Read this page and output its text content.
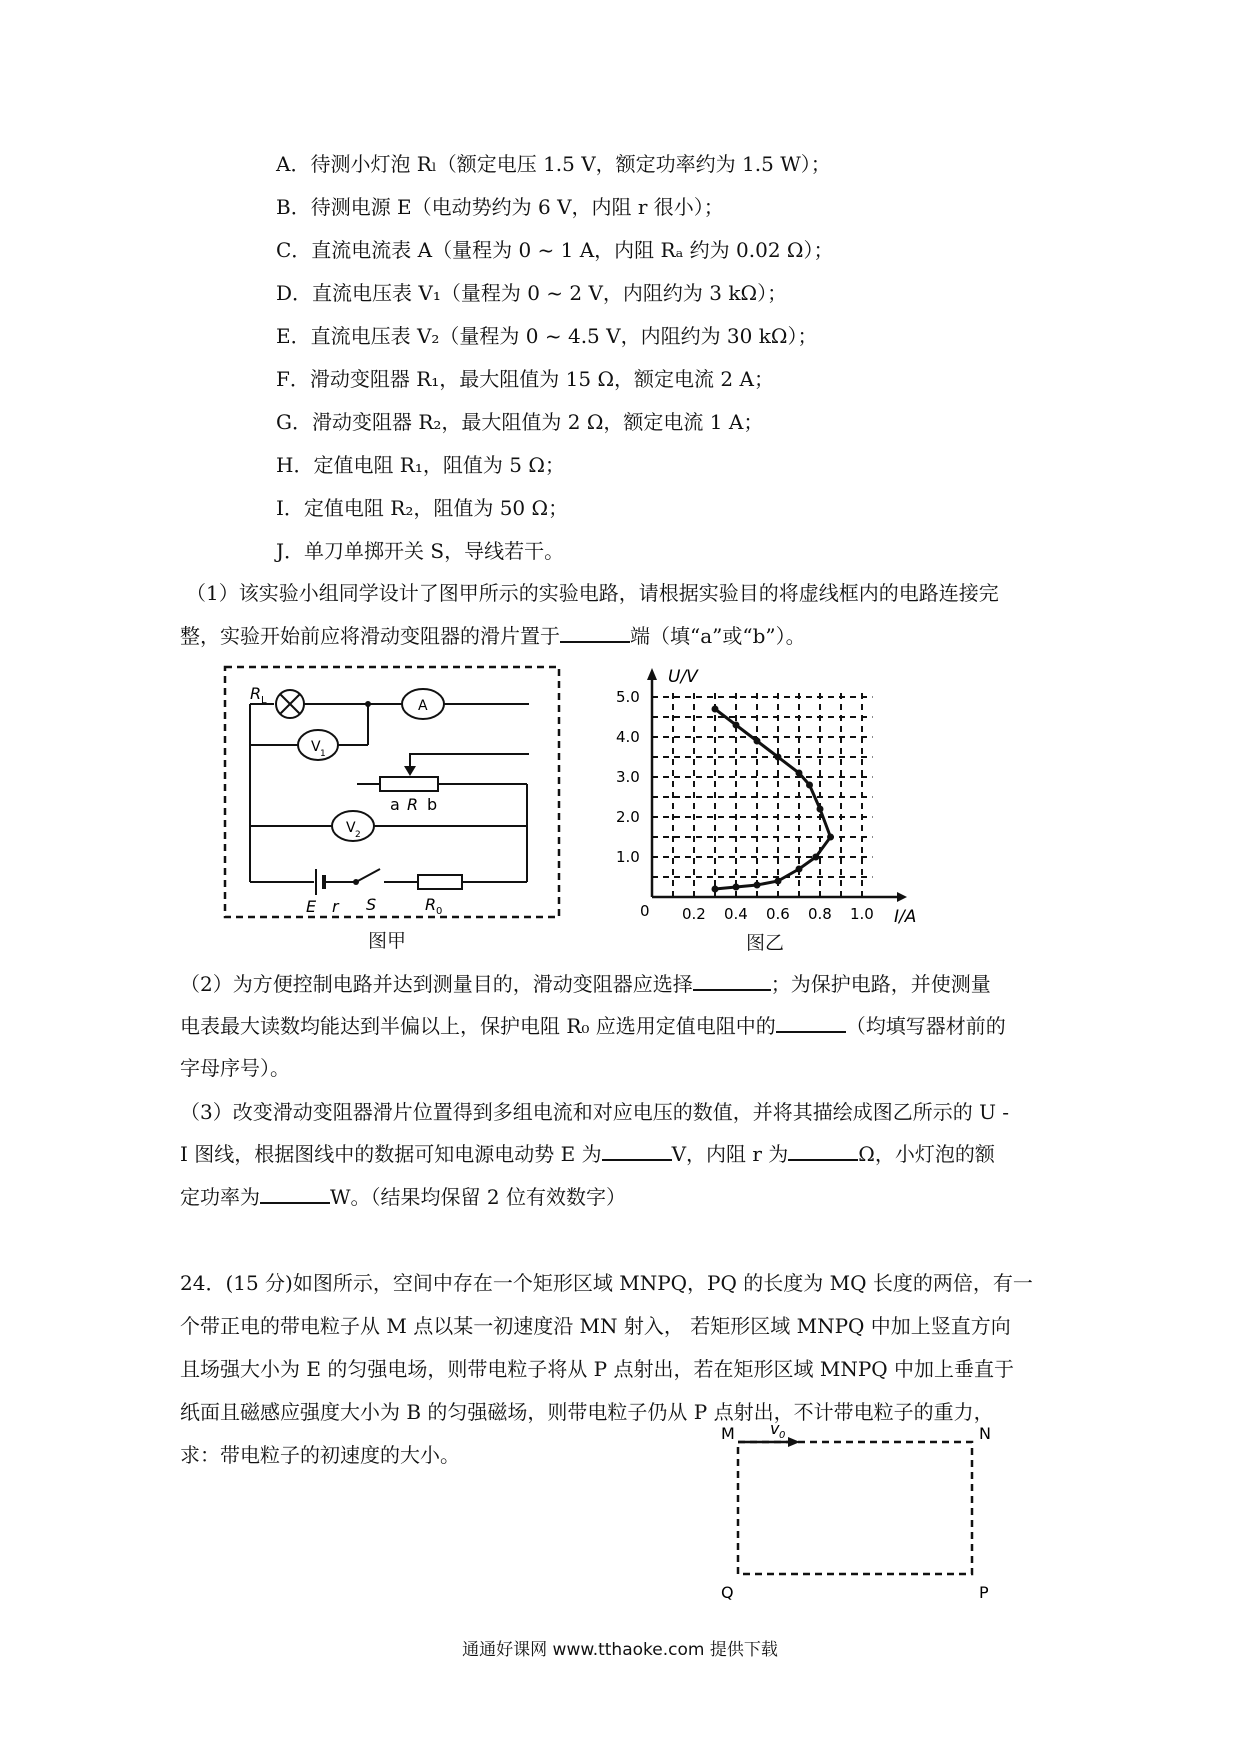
A．待测小灯泡 Rₗ（额定电压 1.5 V，额定功率约为 1.5 W）；
B．待测电源 E（电动势约为 6 V，内阻 r 很小）；
C．直流电流表 A（量程为 0 ~ 1 A，内阻 Rₐ 约为 0.02 Ω）；
D．直流电压表 V₁（量程为 0 ~ 2 V，内阻约为 3 kΩ）；
E．直流电压表 V₂（量程为 0 ~ 4.5 V，内阻约为 30 kΩ）；
F．滑动变阻器 R₁，最大阻值为 15 Ω，额定电流 2 A；
G．滑动变阻器 R₂，最大阻值为 2 Ω，额定电流 1 A；
H．定值电阻 R₁，阻值为 5 Ω；
I．定值电阻 R₂，阻值为 50 Ω；
J．单刀单掷开关 S，导线若干。
（1）该实验小组同学设计了图甲所示的实验电路，请根据实验目的将虚线框内的电路连接完
整，实验开始前应将滑动变阻器的滑片置于	端（填“a”或“b”）。
R L	A
V 1
V 2
a R b
E r S	R 0
图甲
1.0
2.0
3.0
4.0
5.0
0.2 0.4 0.6 0.8 1.0
U/V
I/A
0
图乙
（2）为方便控制电路并达到测量目的，滑动变阻器应选择	；为保护电路，并使测量
电表最大读数均能达到半偏以上，保护电阻 R₀ 应选用定值电阻中的	（均填写器材前的
字母序号）。
（3）改变滑动变阻器滑片位置得到多组电流和对应电压的数值，并将其描绘成图乙所示的 U -
I 图线，根据图线中的数据可知电源电动势 E 为	V，内阻 r 为	Ω，小灯泡的额
定功率为	W。（结果均保留 2 位有效数字）
24．(15 分)如图所示，空间中存在一个矩形区域 MNPQ，PQ 的长度为 MQ 长度的两倍，有一
个带正电的带电粒子从 M 点以某一初速度沿 MN 射入， 若矩形区域 MNPQ 中加上竖直方向
且场强大小为 E 的匀强电场，则带电粒子将从 P 点射出，若在矩形区域 MNPQ 中加上垂直于
纸面且磁感应强度大小为 B 的匀强磁场，则带电粒子仍从 P 点射出，不计带电粒子的重力，
求：带电粒子的初速度的大小。
M	N
Q	P
v 0
通通好课网 www.tthaoke.com 提供下载
